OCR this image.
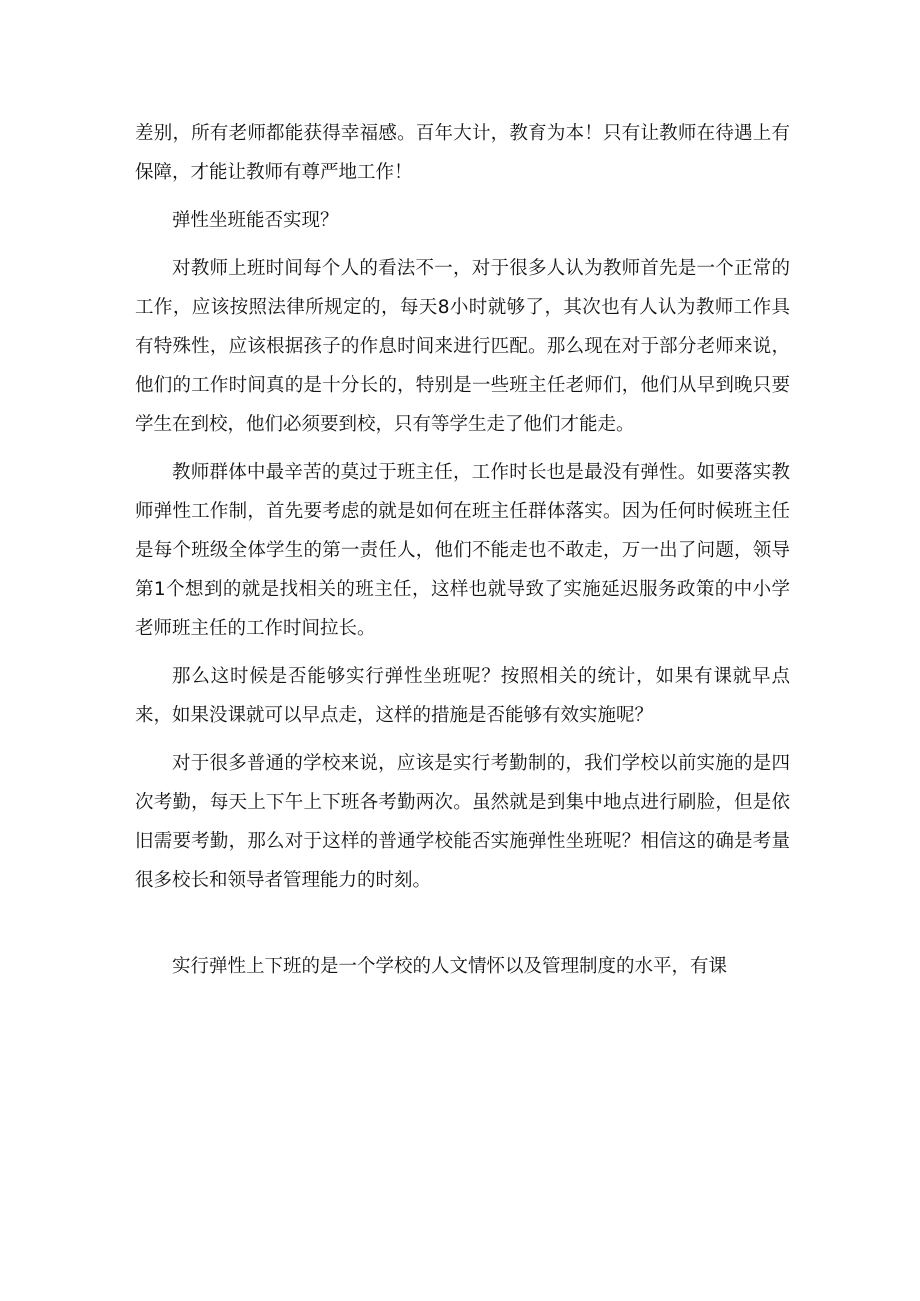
差别，所有老师都能获得幸福感。百年大计，教育为本！只有让教师在待遇上有保障，才能让教师有尊严地工作！

弹性坐班能否实现？

对教师上班时间每个人的看法不一，对于很多人认为教师首先是一个正常的工作，应该按照法律所规定的，每天8小时就够了，其次也有人认为教师工作具有特殊性，应该根据孩子的作息时间来进行匹配。那么现在对于部分老师来说，他们的工作时间真的是十分长的，特别是一些班主任老师们，他们从早到晚只要学生在到校，他们必须要到校，只有等学生走了他们才能走。

教师群体中最辛苦的莫过于班主任，工作时长也是最没有弹性。如要落实教师弹性工作制，首先要考虑的就是如何在班主任群体落实。因为任何时候班主任是每个班级全体学生的第一责任人，他们不能走也不敢走，万一出了问题，领导第1个想到的就是找相关的班主任，这样也就导致了实施延迟服务政策的中小学老师班主任的工作时间拉长。

那么这时候是否能够实行弹性坐班呢？按照相关的统计，如果有课就早点来，如果没课就可以早点走，这样的措施是否能够有效实施呢？

对于很多普通的学校来说，应该是实行考勤制的，我们学校以前实施的是四次考勤，每天上下午上下班各考勤两次。虽然就是到集中地点进行刷脸，但是依旧需要考勤，那么对于这样的普通学校能否实施弹性坐班呢？相信这的确是考量很多校长和领导者管理能力的时刻。

实行弹性上下班的是一个学校的人文情怀以及管理制度的水平，有课
